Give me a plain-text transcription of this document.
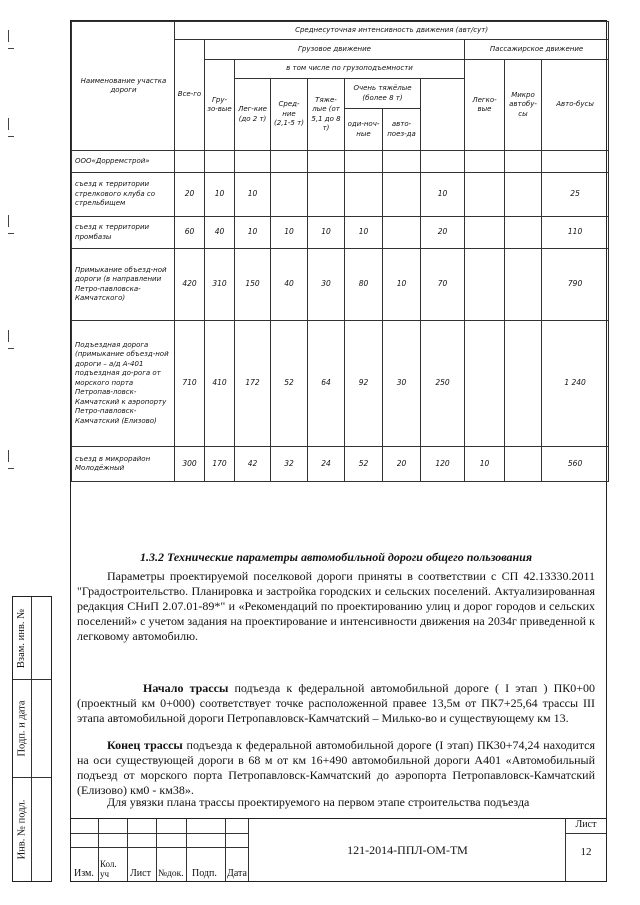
Наименование участка дороги	Среднесуточная интенсивность движения (авт/сут)											
	Все-го	Грузовое движение							Пассажирское движение	
		Гру-зо-вые	в том числе по грузоподъемности						Легко-вые	Микро автобу-сы	Авто-бусы	
			Лег-кие (до 2 т)	Сред-ние (2,1-5 т)	Тяже-лые (от 5,1 до 8 т)	Очень тяжёлые (более 8 т)						
						оди-ноч-ные	авто-поез-да					
ООО«Дорремстрой»												
съезд к территории стрелкового клуба со стрельбищем	20	10	10					10			25	
съезд к территории промбазы	60	40	10	10	10	10		20			110	
Примыкание объезд-ной дороги (в направлении Петро-павловска-Камчатского)	420	310	150	40	30	80	10	70			790	
Подъездная дорога (примыкание объезд-ной дороги – а/д А-401 подъездная до-рога от морского порта Петропав-ловск-Камчатский к аэропорту Петро-павловск-Камчатский (Елизово)	710	410	172	52	64	92	30	250			1 240	
съезд в микрорайон Молодёжный	300	170	42	32	24	52	20	120	10		560	
1.3.2 Технические параметры автомобильной дороги общего пользования

Параметры проектируемой поселковой дороги приняты в соответствии с СП 42.13330.2011 "Градостроительство. Планировка и застройка городских и сельских поселений. Актуализированная редакция СНиП 2.07.01-89*" и «Рекомендаций по проектированию улиц и дорог городов и сельских поселений» с учетом задания на проектирование и интенсивности движения на 2034г приведенной к легковому автомобилю.

Начало трассы подъезда к федеральной автомобильной дороге ( I этап ) ПК0+00 (проектный км 0+000) соответствует точке расположенной правее 13,5м от ПК7+25,64 трассы III этапа автомобильной дороги Петропавловск-Камчатский – Милько-во и существующему км 13.

Конец трассы подъезда к федеральной автомобильной дороге (I этап) ПК30+74,24 находится на оси существующей дороги в 68 м от км 16+490 автомобильной дороги А401 «Автомобильный подъезд от морского порта Петропавловск-Камчатский до аэропорта Петропавловск-Камчатский (Елизово) км0 - км38».

Для увязки плана трассы проектируемого на первом этапе строительства подъезда

Изм.
Кол. уч	Лист №док. Подп. Дата
121-2014-ППЛ-ОМ-ТМ
Лист
12
Взам. инв. №
Подп. и дата
Инв. № подл.
